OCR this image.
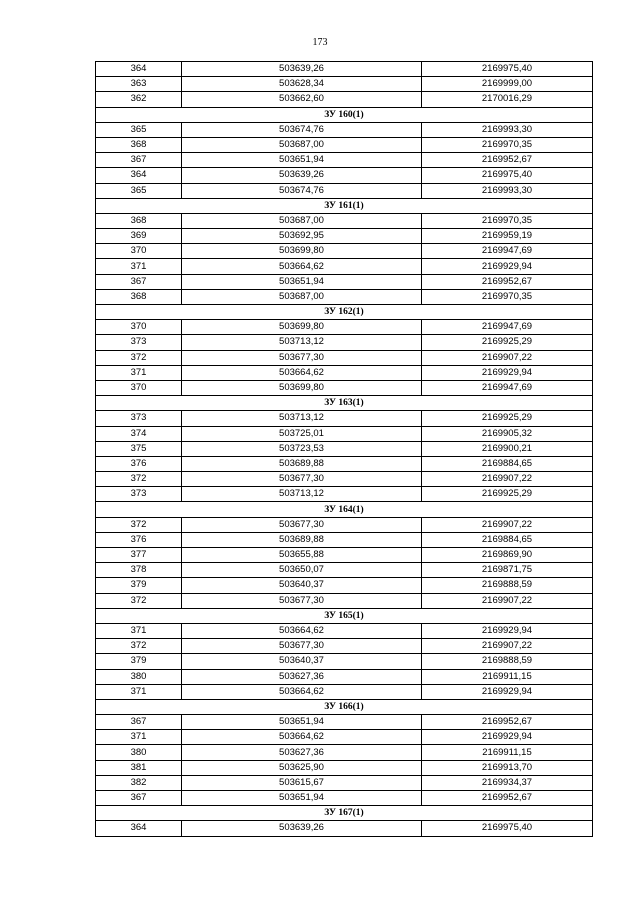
173
364	503639,26	2169975,40
363	503628,34	2169999,00
362	503662,60	2170016,29
ЗУ 160(1)		
365	503674,76	2169993,30
368	503687,00	2169970,35
367	503651,94	2169952,67
364	503639,26	2169975,40
365	503674,76	2169993,30
ЗУ 161(1)		
368	503687,00	2169970,35
369	503692,95	2169959,19
370	503699,80	2169947,69
371	503664,62	2169929,94
367	503651,94	2169952,67
368	503687,00	2169970,35
ЗУ 162(1)		
370	503699,80	2169947,69
373	503713,12	2169925,29
372	503677,30	2169907,22
371	503664,62	2169929,94
370	503699,80	2169947,69
ЗУ 163(1)		
373	503713,12	2169925,29
374	503725,01	2169905,32
375	503723,53	2169900,21
376	503689,88	2169884,65
372	503677,30	2169907,22
373	503713,12	2169925,29
ЗУ 164(1)		
372	503677,30	2169907,22
376	503689,88	2169884,65
377	503655,88	2169869,90
378	503650,07	2169871,75
379	503640,37	2169888,59
372	503677,30	2169907,22
ЗУ 165(1)		
371	503664,62	2169929,94
372	503677,30	2169907,22
379	503640,37	2169888,59
380	503627,36	2169911,15
371	503664,62	2169929,94
ЗУ 166(1)		
367	503651,94	2169952,67
371	503664,62	2169929,94
380	503627,36	2169911,15
381	503625,90	2169913,70
382	503615,67	2169934,37
367	503651,94	2169952,67
ЗУ 167(1)		
364	503639,26	2169975,40
